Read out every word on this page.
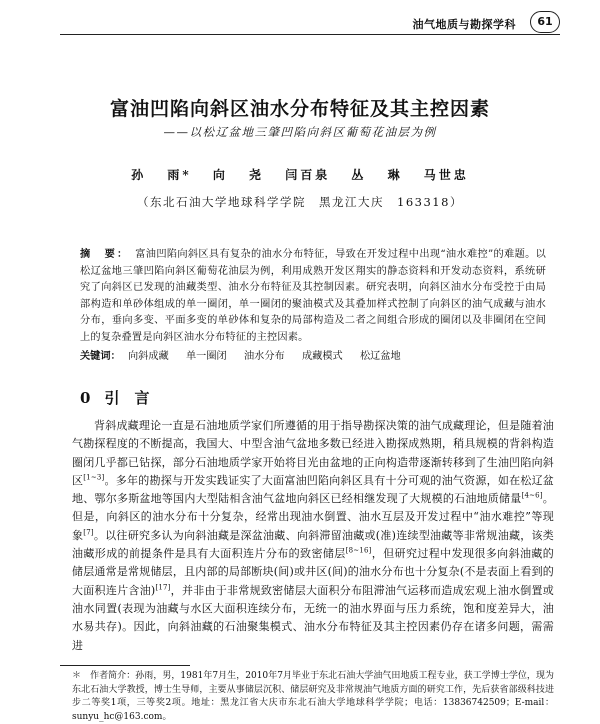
油气地质与勘探学科	61
富油凹陷向斜区油水分布特征及其主控因素
——以松辽盆地三肇凹陷向斜区葡萄花油层为例
孙 雨* 向 尧 闫百泉 丛 琳 马世忠
（东北石油大学地球科学学院　黑龙江大庆　163318）
摘　要： 富油凹陷向斜区具有复杂的油水分布特征，导致在开发过程中出现“油水难控”的难题。以松辽盆地三肇凹陷向斜区葡萄花油层为例，利用成熟开发区翔实的静态资料和开发动态资料，系统研究了向斜区已发现的油藏类型、油水分布特征及其控制因素。研究表明，向斜区油水分布受控于由局部构造和单砂体组成的单一圈闭，单一圈闭的聚油模式及其叠加样式控制了向斜区的油气成藏与油水分布，垂向多变、平面多变的单砂体和复杂的局部构造及二者之间组合形成的圈闭以及非圈闭在空间上的复杂叠置是向斜区油水分布特征的主控因素。
关键词： 向斜成藏 单一圈闭 油水分布 成藏模式 松辽盆地
0 引　言
背斜成藏理论一直是石油地质学家们所遵循的用于指导勘探决策的油气成藏理论，但是随着油气勘探程度的不断提高，我国大、中型含油气盆地多数已经进入勘探成熟期，稍具规模的背斜构造圈闭几乎都已钻探，部分石油地质学家开始将目光由盆地的正向构造带逐渐转移到了生油凹陷向斜区[1~3]。多年的勘探与开发实践证实了大面富油凹陷向斜区具有十分可观的油气资源，如在松辽盆地、鄂尔多斯盆地等国内大型陆相含油气盆地向斜区已经相继发现了大规模的石油地质储量[4~6]。但是，向斜区的油水分布十分复杂，经常出现油水倒置、油水互层及开发过程中“油水难控”等现象[7]。以往研究多认为向斜油藏是深盆油藏、向斜滞留油藏或(准)连续型油藏等非常规油藏，该类油藏形成的前提条件是具有大面积连片分布的致密储层[8~16]，但研究过程中发现很多向斜油藏的储层通常是常规储层，且内部的局部断块(间)或井区(间)的油水分布也十分复杂(不是表面上看到的大面积连片含油)[17]，并非由于非常规致密储层大面积分布阻滞油气运移而造成宏观上油水倒置或油水同置(表现为油藏与水区大面积连续分布，无统一的油水界面与压力系统，饱和度差异大，油水易共存)。因此，向斜油藏的石油聚集模式、油水分布特征及其主控因素仍存在诸多问题，需需进
＊　作者简介：孙雨，男，1981年7月生，2010年7月毕业于东北石油大学油气田地质工程专业，获工学博士学位，现为东北石油大学教授，博士生导师，主要从事储层沉积、储层研究及非常规油气地质方面的研究工作，先后获省部级科技进步二等奖1项，三等奖2项。地址：黑龙江省大庆市东北石油大学地球科学学院；电话：13836742509；E-mail：sunyu_hc@163.com。
